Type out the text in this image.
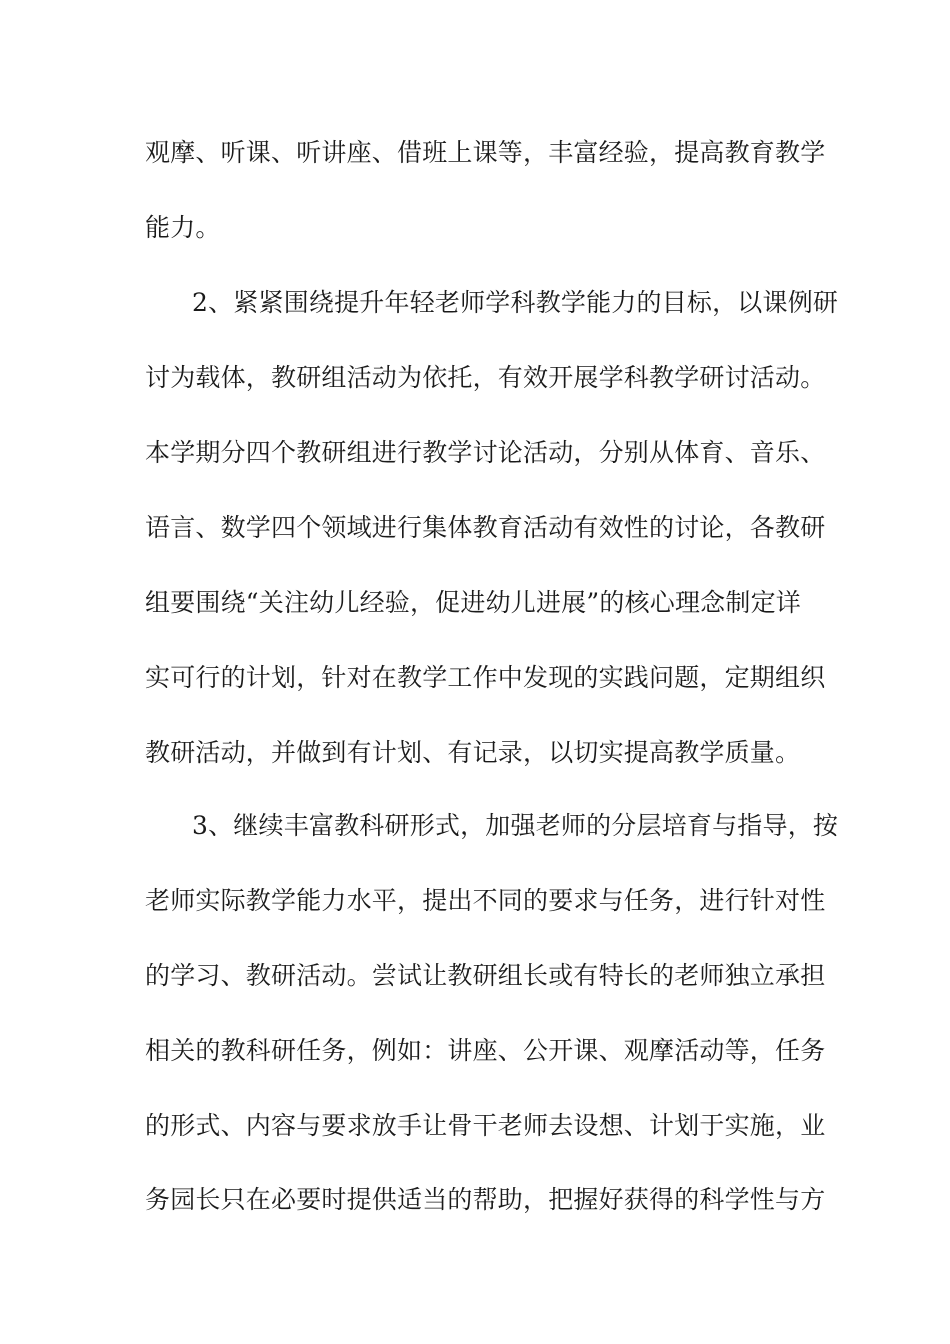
观摩、听课、听讲座、借班上课等，丰富经验，提高教育教学
能力。
2、紧紧围绕提升年轻老师学科教学能力的目标，以课例研
讨为载体，教研组活动为依托，有效开展学科教学研讨活动。
本学期分四个教研组进行教学讨论活动，分别从体育、音乐、
语言、数学四个领域进行集体教育活动有效性的讨论，各教研
组要围绕“关注幼儿经验，促进幼儿进展”的核心理念制定详
实可行的计划，针对在教学工作中发现的实践问题，定期组织
教研活动，并做到有计划、有记录，以切实提高教学质量。
3、继续丰富教科研形式，加强老师的分层培育与指导，按
老师实际教学能力水平，提出不同的要求与任务，进行针对性
的学习、教研活动。尝试让教研组长或有特长的老师独立承担
相关的教科研任务，例如：讲座、公开课、观摩活动等，任务
的形式、内容与要求放手让骨干老师去设想、计划于实施，业
务园长只在必要时提供适当的帮助，把握好获得的科学性与方
